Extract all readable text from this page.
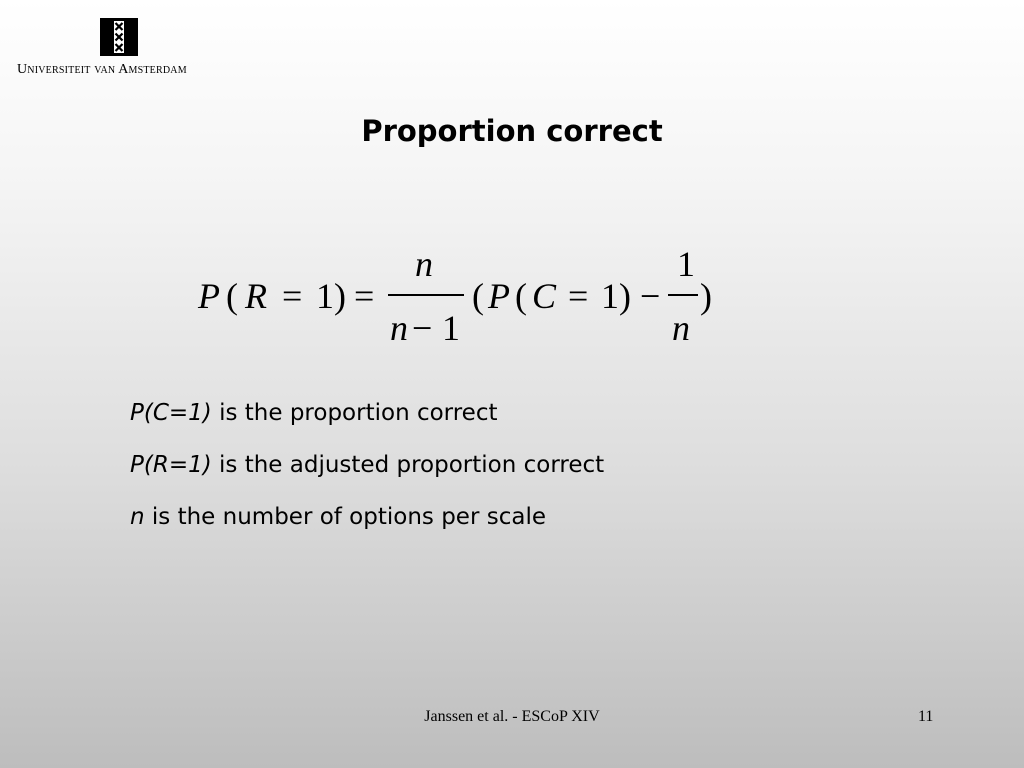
Universiteit van Amsterdam
Proportion correct
P ( R = 1 ) =
n
n − 1
( P ( C = 1 ) −
1
n
)
P(C=1) is the proportion correct
P(R=1) is the adjusted proportion correct
n is the number of options per scale
Janssen et al. - ESCoP XIV	11
